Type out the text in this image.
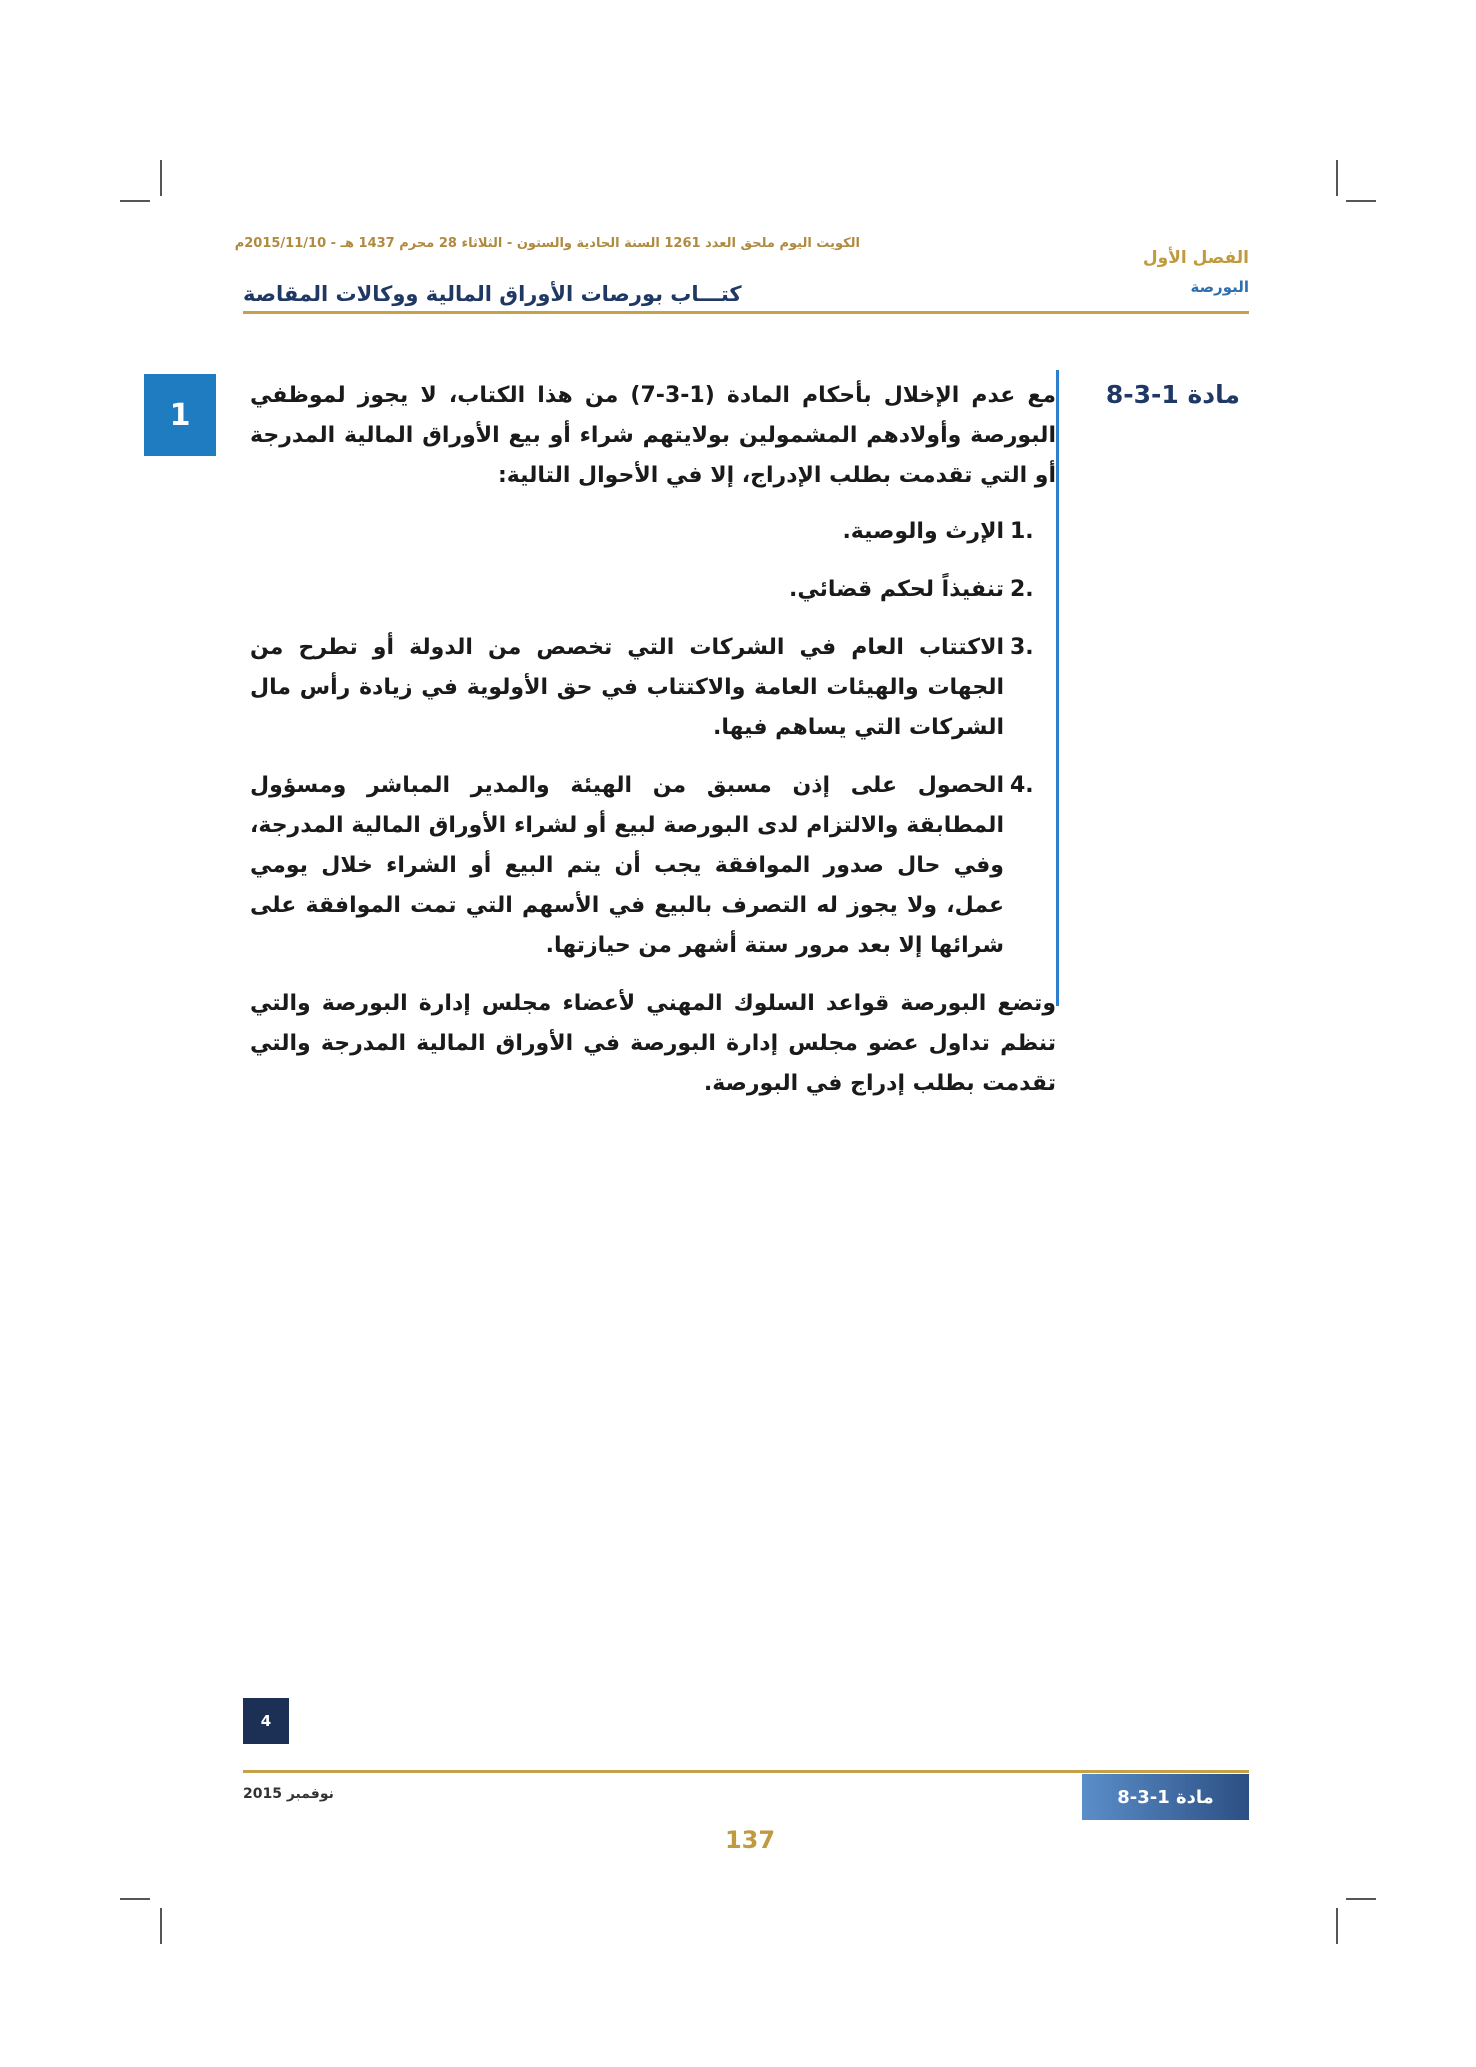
الكويت اليوم ملحق العدد 1261 السنة الحادية والستون - الثلاثاء 28 محرم 1437 هـ - 2015/11/10م
كتـــاب بورصات الأوراق المالية ووكالات المقاصة
الفصل الأول
البورصة
1
مادة 1-3-8

مع عدم الإخلال بأحكام المادة (1-3-7) من هذا الكتاب، لا يجوز لموظفي البورصة وأولادهم المشمولين بولايتهم شراء أو بيع الأوراق المالية المدرجة أو التي تقدمت بطلب الإدراج، إلا في الأحوال التالية:

1.
الإرث والوصية.
2.
تنفيذاً لحكم قضائي.
3.
الاكتتاب العام في الشركات التي تخصص من الدولة أو تطرح من الجهات والهيئات العامة والاكتتاب في حق الأولوية في زيادة رأس مال الشركات التي يساهم فيها.
4.
الحصول على إذن مسبق من الهيئة والمدير المباشر ومسؤول المطابقة والالتزام لدى البورصة لبيع أو لشراء الأوراق المالية المدرجة، وفي حال صدور الموافقة يجب أن يتم البيع أو الشراء خلال يومي عمل، ولا يجوز له التصرف بالبيع في الأسهم التي تمت الموافقة على شرائها إلا بعد مرور ستة أشهر من حيازتها.

وتضع البورصة قواعد السلوك المهني لأعضاء مجلس إدارة البورصة والتي تنظم تداول عضو مجلس إدارة البورصة في الأوراق المالية المدرجة والتي تقدمت بطلب إدراج في البورصة.

4
نوفمبر 2015	مادة 1-3-8
137
